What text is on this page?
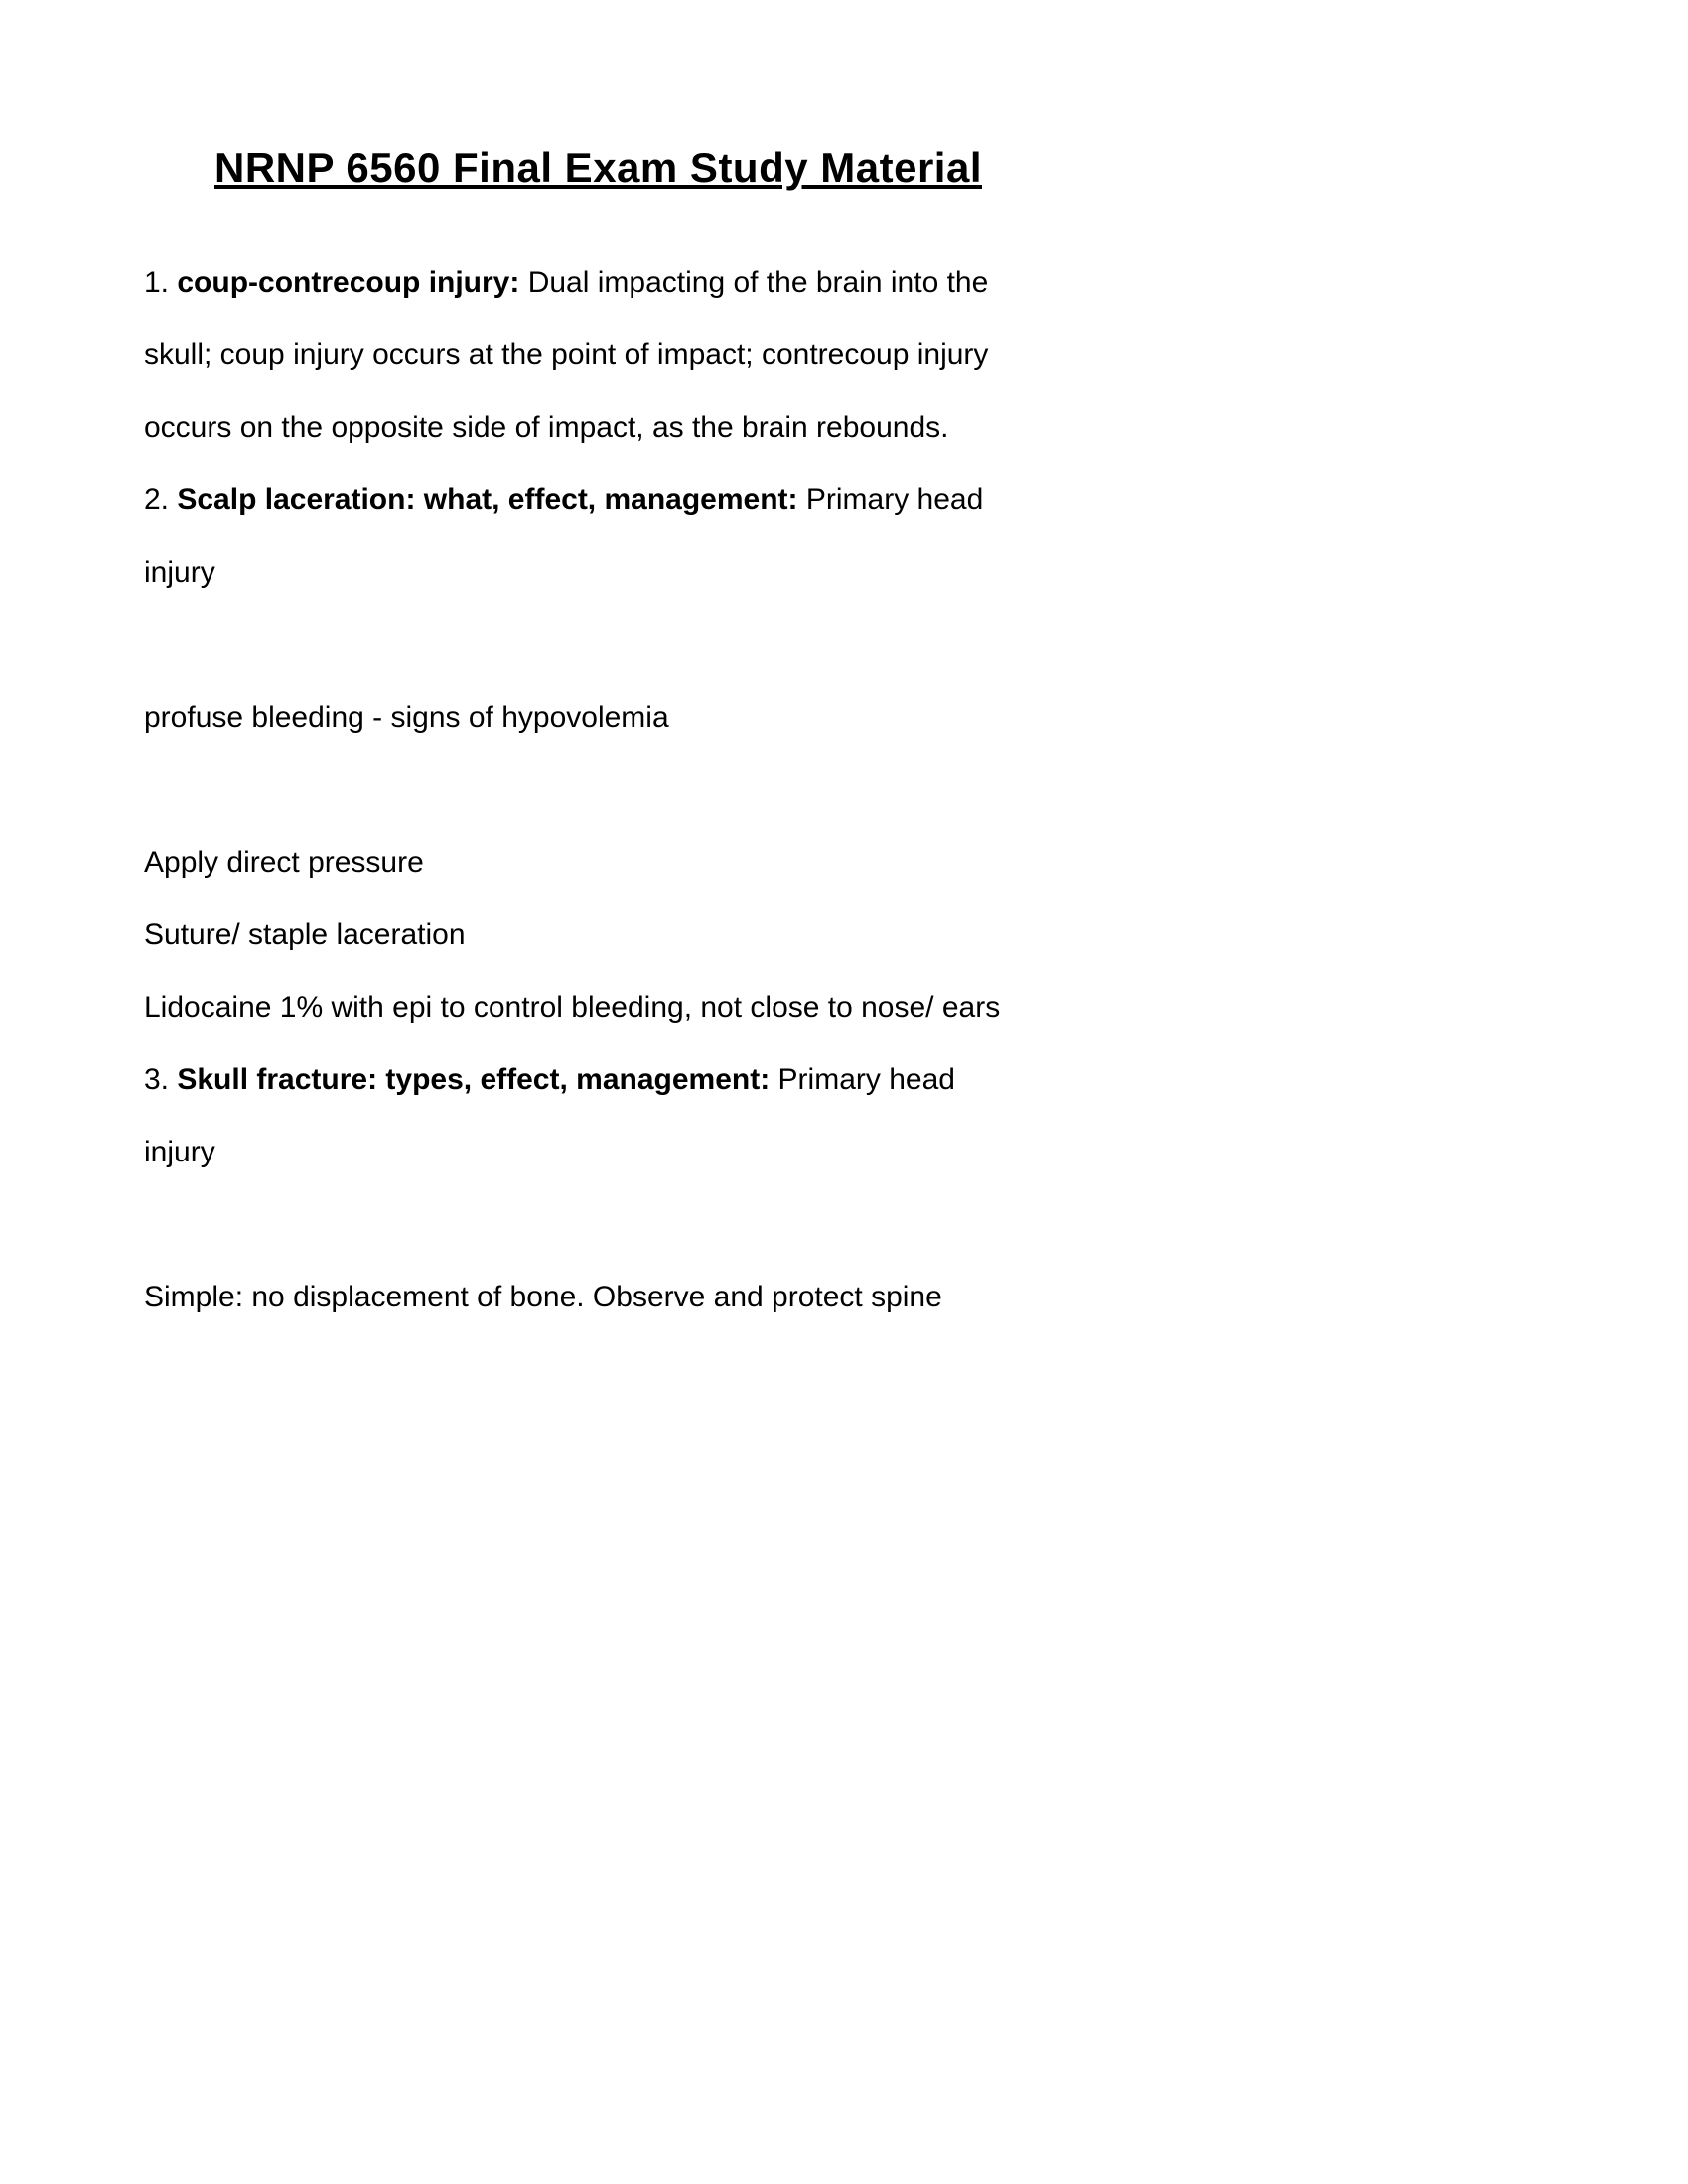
NRNP 6560 Final Exam Study Material
1. coup-contrecoup injury: Dual impacting of the brain into the
skull; coup injury occurs at the point of impact; contrecoup injury
occurs on the opposite side of impact, as the brain rebounds.
2. Scalp laceration: what, effect, management: Primary head
injury
profuse bleeding - signs of hypovolemia
Apply direct pressure
Suture/ staple laceration
Lidocaine 1% with epi to control bleeding, not close to nose/ ears
3. Skull fracture: types, effect, management: Primary head
injury
Simple: no displacement of bone. Observe and protect spine
